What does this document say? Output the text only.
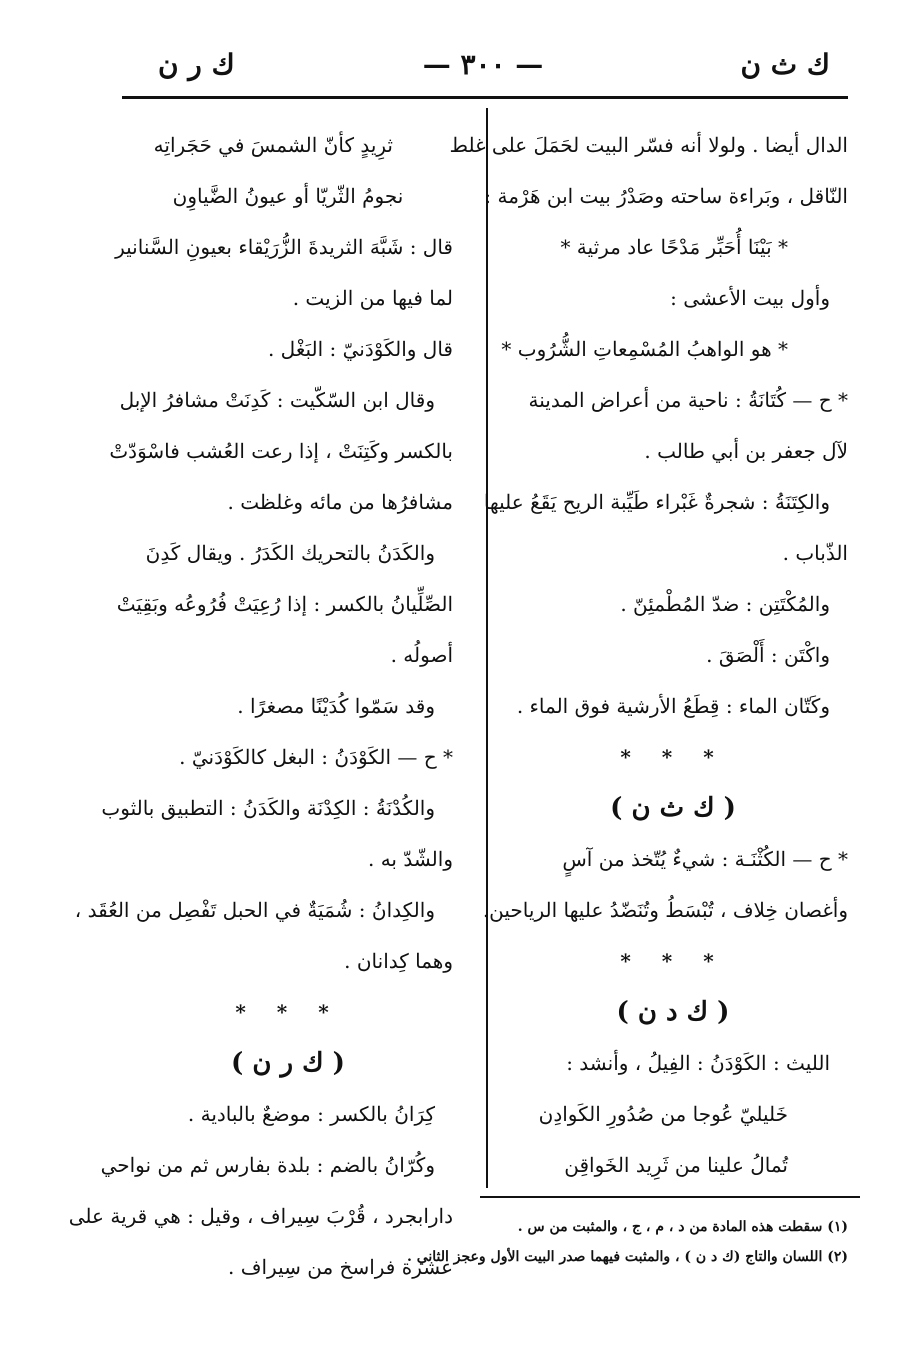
ك ث ن
— ٣٠٠ —
ك ر ن
الدال أيضا . ولولا أنه فسّر البيت لحَمَلَ على غلط
النّاقل ، وبَراءة ساحته وصَدْرُ بيت ابن هَرْمة :
* بَيْنَا أُحَبِّر مَدْحًا عاد مرثية *
وأول بيت الأعشى :
* هو الواهبُ المُسْمِعاتِ الشُّرُوب *
* ح — كُتَانَةُ : ناحية من أعراض المدينة
لآل جعفر بن أبي طالب .
والكِتَنَةُ : شجرةٌ غَبْراء طَيِّبة الريح يَقَعُ عليها
الذّباب .
والمُكْتَتِن : ضدّ المُطْمئِنّ .
واكْتَن : أَلْصَقَ .
وكَتّان الماء : قِطَعُ الأرشية فوق الماء .
* * *
( ك ث ن )
* ح — الكُثْنَـة : شيءٌ يُتّخذ من آسٍ
وأغصان خِلاف ، تُبْسَطُ وتُنَضّدُ عليها الرياحين.
* * *
( ك د ن )
الليث : الكَوْدَنُ : الفِيلُ ، وأنشد :
خَليليّ عُوجا من صُدُورِ الكَوادِن
تُمالُ علينا من ثَرِيد الخَواقِن
ثرِيدٍ كأنّ الشمسَ في حَجَراتِه
نجومُ الثّريّا أو عيونُ الضَّياوِن
قال : شَبَّهَ الثريدةَ الزُّرَيْقاء بعيونِ السَّنانير
لما فيها من الزيت .
قال والكَوْدَنيّ : البَغْل .
وقال ابن السّكّيت : كَدِنَتْ مشافرُ الإبل
بالكسر وكَتِنَتْ ، إذا رعت العُشب فاسْوَدّتْ
مشافرُها من مائه وغلظت .
والكَدَنُ بالتحريك الكَدَرُ . ويقال كَدِنَ
الصِّلِّيانُ بالكسر : إذا رُعِيَتْ فُرُوعُه وبَقِيَتْ
أصولُه .
وقد سَمّوا كُدَيْنًا مصغرًا .
* ح — الكَوْدَنُ : البغل كالكَوْدَنيّ .
والكُدْنَةُ : الكِدْنَة والكَدَنُ : التطبيق بالثوب
والشّدّ به .
والكِدانُ : شُمَيَةٌ في الحبل تَفْصِل من العُقَد ،
وهما كِدانان .
* * *
( ك ر ن )
كِرَانُ بالكسر : موضعٌ بالبادية .
وكُرّانُ بالضم : بلدة بفارس ثم من نواحي
دارابجرد ، قُرْبَ سِيراف ، وقيل : هي قرية على
عشرة فراسخ من سِيراف .
(١) سقطت هذه المادة من د ، م ، ج ، والمثبت من س .
(٢) اللسان والتاج (ك د ن ) ، والمثبت فيهما صدر البيت الأول وعجز الثاني .
